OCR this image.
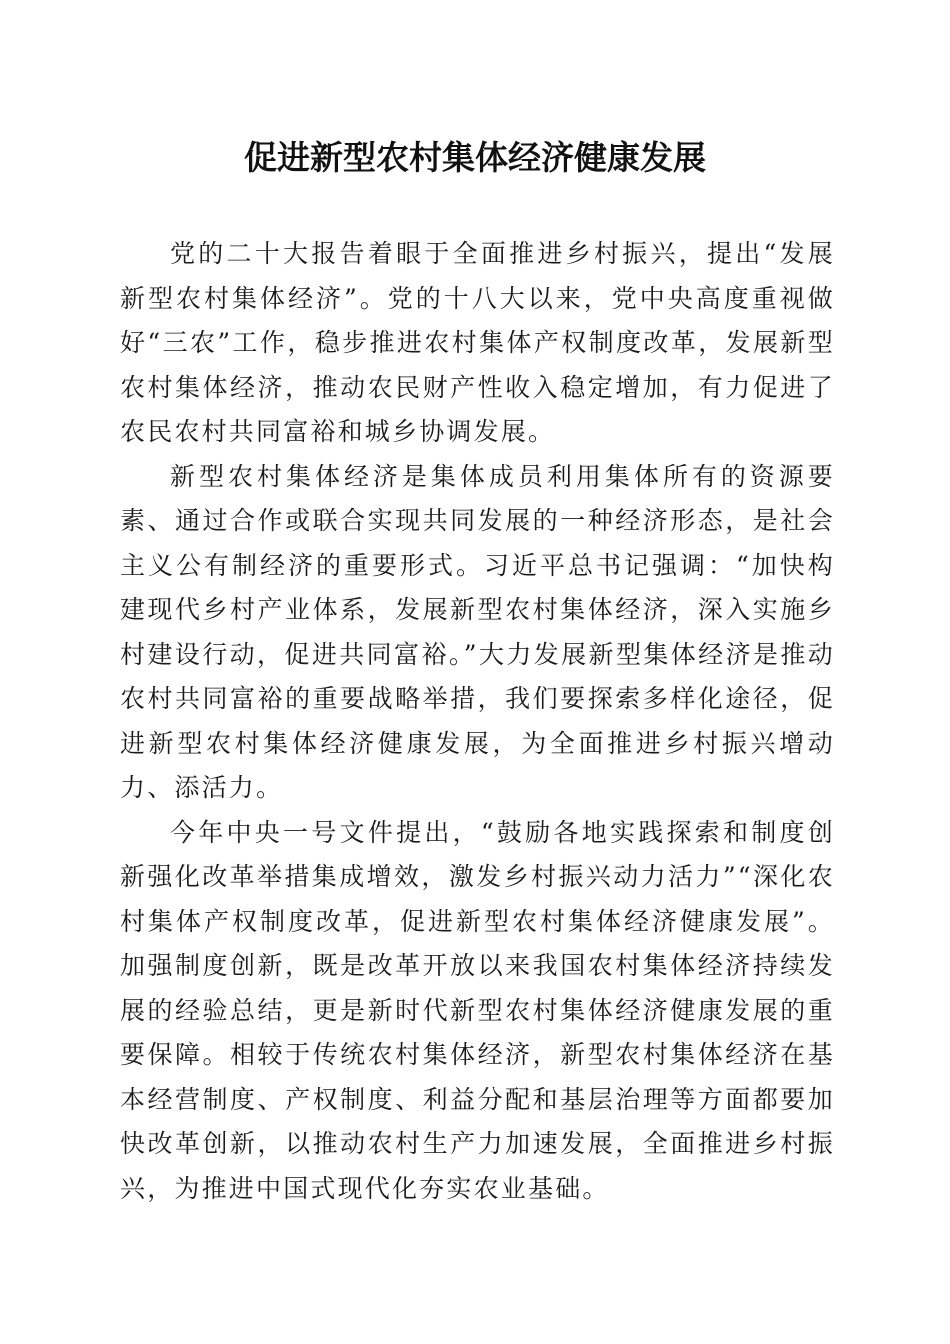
促进新型农村集体经济健康发展

党的二十大报告着眼于全面推进乡村振兴，提出“发展新型农村集体经济”。党的十八大以来，党中央高度重视做好“三农”工作，稳步推进农村集体产权制度改革，发展新型农村集体经济，推动农民财产性收入稳定增加，有力促进了农民农村共同富裕和城乡协调发展。

新型农村集体经济是集体成员利用集体所有的资源要素、通过合作或联合实现共同发展的一种经济形态，是社会主义公有制经济的重要形式。习近平总书记强调：“加快构建现代乡村产业体系，发展新型农村集体经济，深入实施乡村建设行动，促进共同富裕。”大力发展新型集体经济是推动农村共同富裕的重要战略举措，我们要探索多样化途径，促进新型农村集体经济健康发展，为全面推进乡村振兴增动力、添活力。

今年中央一号文件提出，“鼓励各地实践探索和制度创新强化改革举措集成增效，激发乡村振兴动力活力”“深化农村集体产权制度改革，促进新型农村集体经济健康发展”。加强制度创新，既是改革开放以来我国农村集体经济持续发展的经验总结，更是新时代新型农村集体经济健康发展的重要保障。相较于传统农村集体经济，新型农村集体经济在基本经营制度、产权制度、利益分配和基层治理等方面都要加快改革创新，以推动农村生产力加速发展，全面推进乡村振兴，为推进中国式现代化夯实农业基础。
